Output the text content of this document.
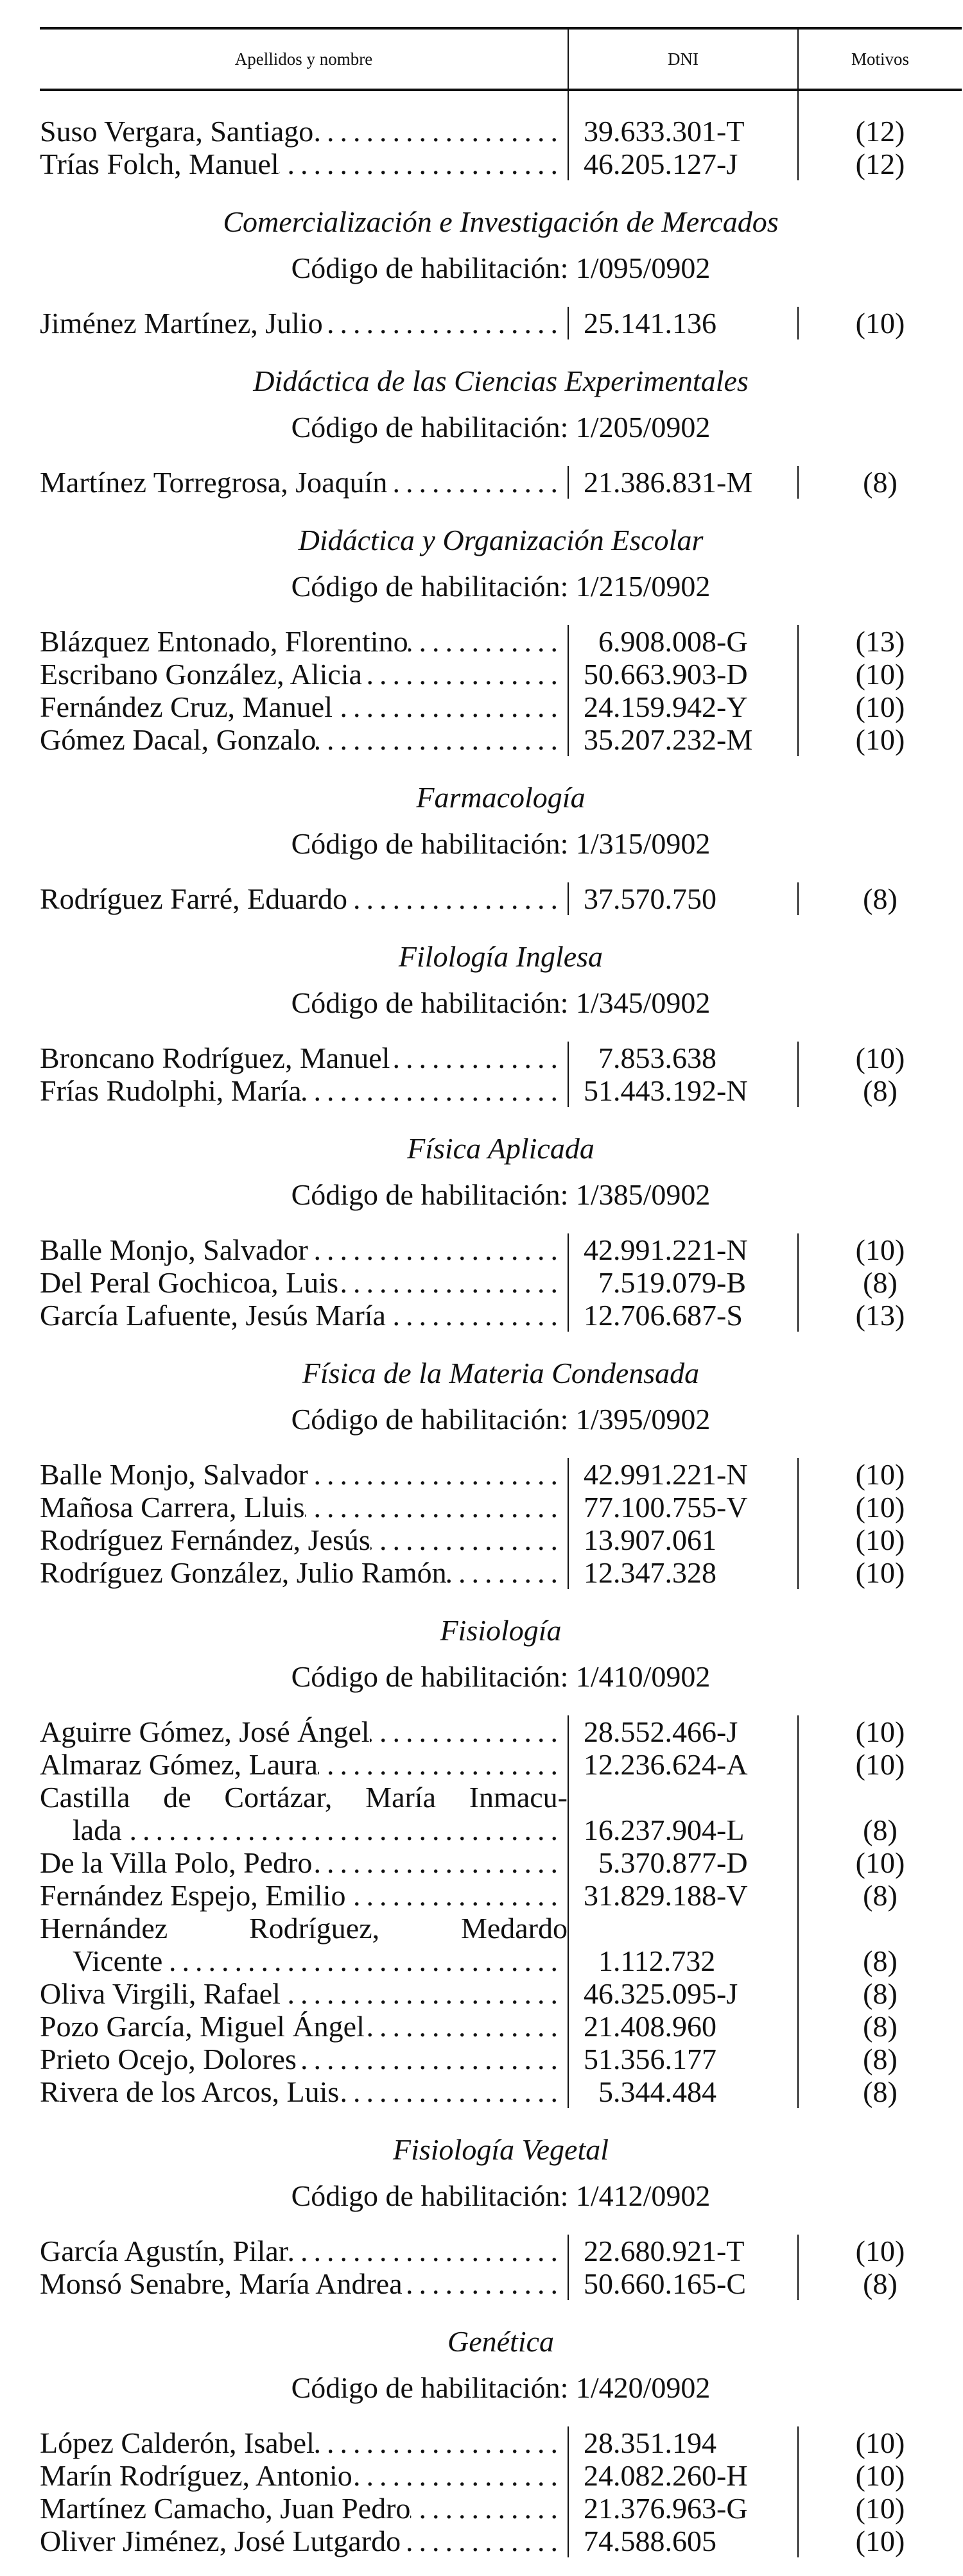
Apellidos y nombre	DNI	Motivos
Suso Vergara, Santiago .....	39.633.301-T	(12)
Trías Folch, Manuel .....	46.205.127-J	(12)
Comercialización e Investigación de Mercados
Código de habilitación: 1/095/0902
Jiménez Martínez, Julio .....	25.141.136	(10)
Didáctica de las Ciencias Experimentales
Código de habilitación: 1/205/0902
Martínez Torregrosa, Joaquín .....	21.386.831-M	(8)
Didáctica y Organización Escolar
Código de habilitación: 1/215/0902
Blázquez Entonado, Florentino .....	6.908.008-G	(13)
Escribano González, Alicia .....	50.663.903-D	(10)
Fernández Cruz, Manuel .....	24.159.942-Y	(10)
Gómez Dacal, Gonzalo .....	35.207.232-M	(10)
Farmacología
Código de habilitación: 1/315/0902
Rodríguez Farré, Eduardo .....	37.570.750	(8)
Filología Inglesa
Código de habilitación: 1/345/0902
Broncano Rodríguez, Manuel .....	7.853.638	(10)
Frías Rudolphi, María .....	51.443.192-N	(8)
Física Aplicada
Código de habilitación: 1/385/0902
Balle Monjo, Salvador .....	42.991.221-N	(10)
Del Peral Gochicoa, Luis .....	7.519.079-B	(8)
García Lafuente, Jesús María .....	12.706.687-S	(13)
Física de la Materia Condensada
Código de habilitación: 1/395/0902
Balle Monjo, Salvador .....	42.991.221-N	(10)
Mañosa Carrera, Lluis .....	77.100.755-V	(10)
Rodríguez Fernández, Jesús .....	13.907.061	(10)
Rodríguez González, Julio Ramón .....	12.347.328	(10)
Fisiología
Código de habilitación: 1/410/0902
Aguirre Gómez, José Ángel .....	28.552.466-J	(10)
Almaraz Gómez, Laura .....	12.236.624-A	(10)
Castilla de Cortázar, María Inmacu-
lada .....	16.237.904-L	(8)
De la Villa Polo, Pedro .....	5.370.877-D	(10)
Fernández Espejo, Emilio .....	31.829.188-V	(8)
Hernández Rodríguez, Medardo
Vicente .....	1.112.732	(8)
Oliva Virgili, Rafael .....	46.325.095-J	(8)
Pozo García, Miguel Ángel .....	21.408.960	(8)
Prieto Ocejo, Dolores .....	51.356.177	(8)
Rivera de los Arcos, Luis .....	5.344.484	(8)
Fisiología Vegetal
Código de habilitación: 1/412/0902
García Agustín, Pilar .....	22.680.921-T	(10)
Monsó Senabre, María Andrea .....	50.660.165-C	(8)
Genética
Código de habilitación: 1/420/0902
López Calderón, Isabel .....	28.351.194	(10)
Marín Rodríguez, Antonio .....	24.082.260-H	(10)
Martínez Camacho, Juan Pedro .....	21.376.963-G	(10)
Oliver Jiménez, José Lutgardo .....	74.588.605	(10)
